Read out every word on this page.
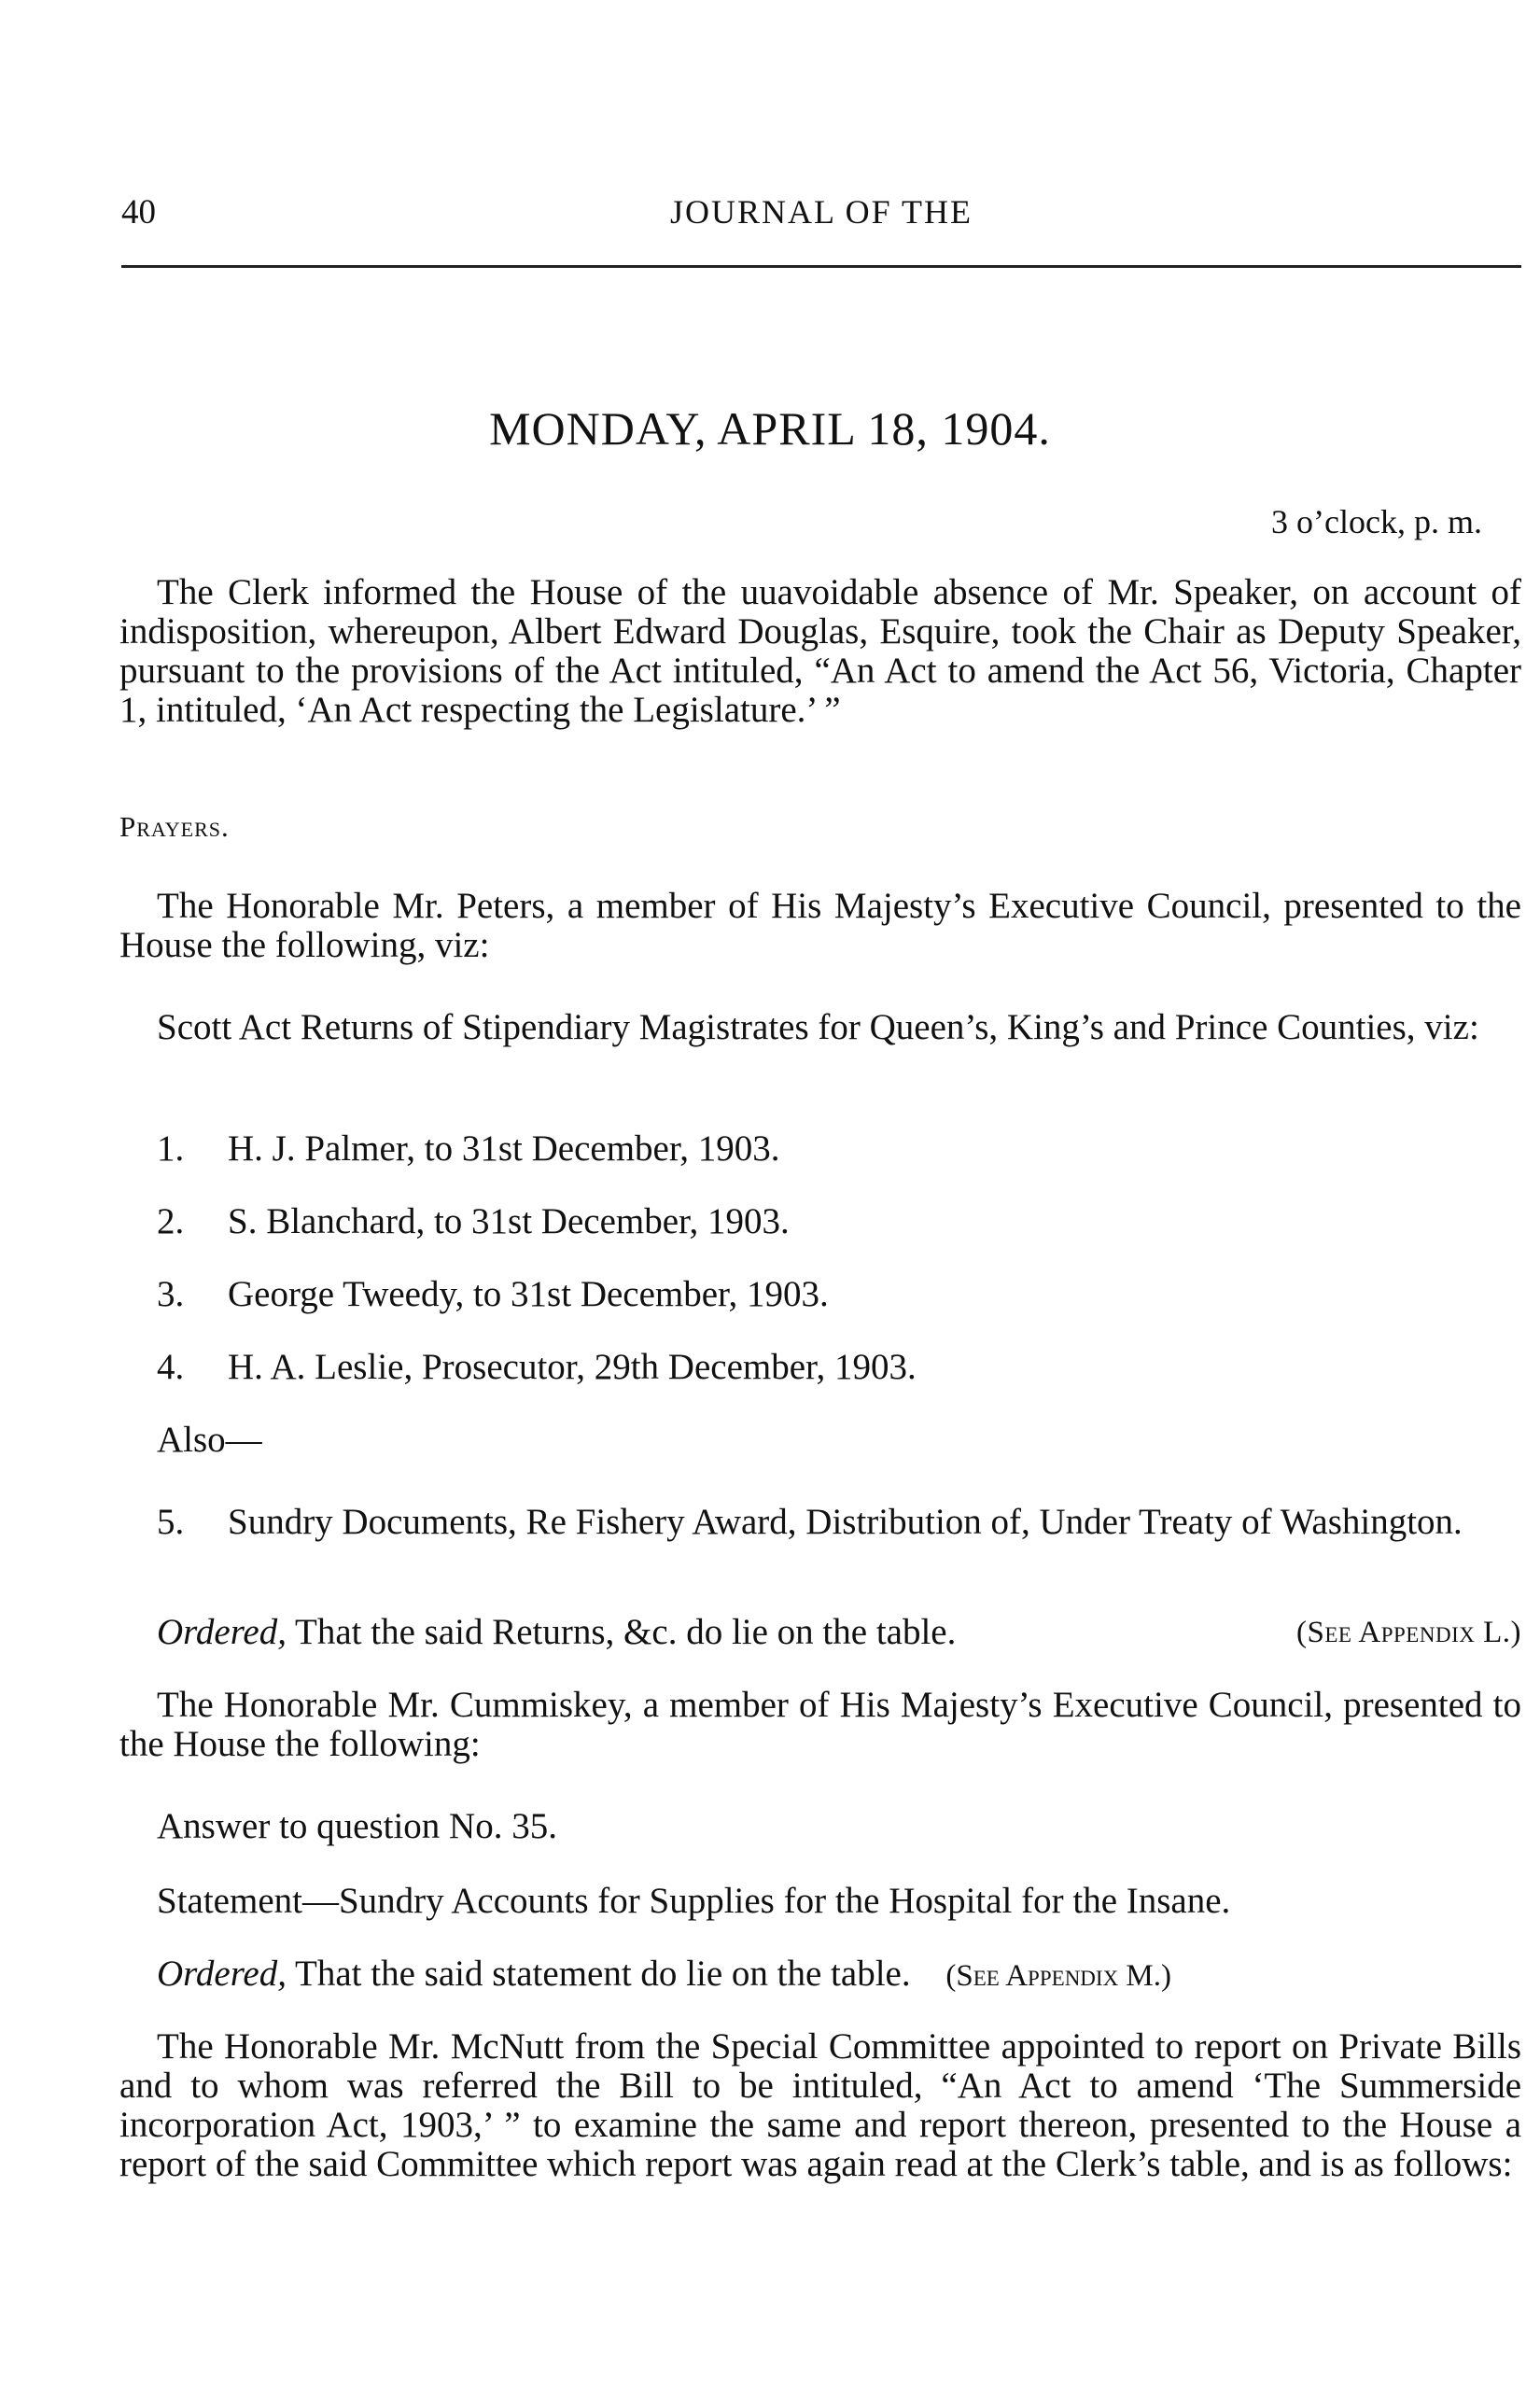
40	JOURNAL OF THE
MONDAY, APRIL 18, 1904.
3 o’clock, p. m.

The Clerk informed the House of the uuavoidable absence of Mr. Speaker, on account of indisposition, whereupon, Albert Edward Douglas, Esquire, took the Chair as Deputy Speaker, pursuant to the provisions of the Act intituled, “An Act to amend the Act 56, Victoria, Chapter 1, intituled, ‘An Act respecting the Legislature.’ ”

Prayers.

The Honorable Mr. Peters, a member of His Majesty’s Executive Council, presented to the House the following, viz:

Scott Act Returns of Stipendiary Magistrates for Queen’s, King’s and Prince Counties, viz:

1. H. J. Palmer, to 31st December, 1903.
2. S. Blanchard, to 31st December, 1903.
3. George Tweedy, to 31st December, 1903.
4. H. A. Leslie, Prosecutor, 29th December, 1903.
Also—
5. Sundry Documents, Re Fishery Award, Distribution of, Under Treaty of Washington.
Ordered, That the said Returns, &c. do lie on the table.	(See Appendix L.)

The Honorable Mr. Cummiskey, a member of His Majesty’s Executive Council, presented to the House the following:

Answer to question No. 35.
Statement—Sundry Accounts for Supplies for the Hospital for the Insane.
Ordered, That the said statement do lie on the table. (See Appendix M.)

The Honorable Mr. McNutt from the Special Committee appointed to report on Private Bills and to whom was referred the Bill to be intituled, “An Act to amend ‘The Summerside incorporation Act, 1903,’ ” to examine the same and report thereon, presented to the House a report of the said Committee which report was again read at the Clerk’s table, and is as follows:
